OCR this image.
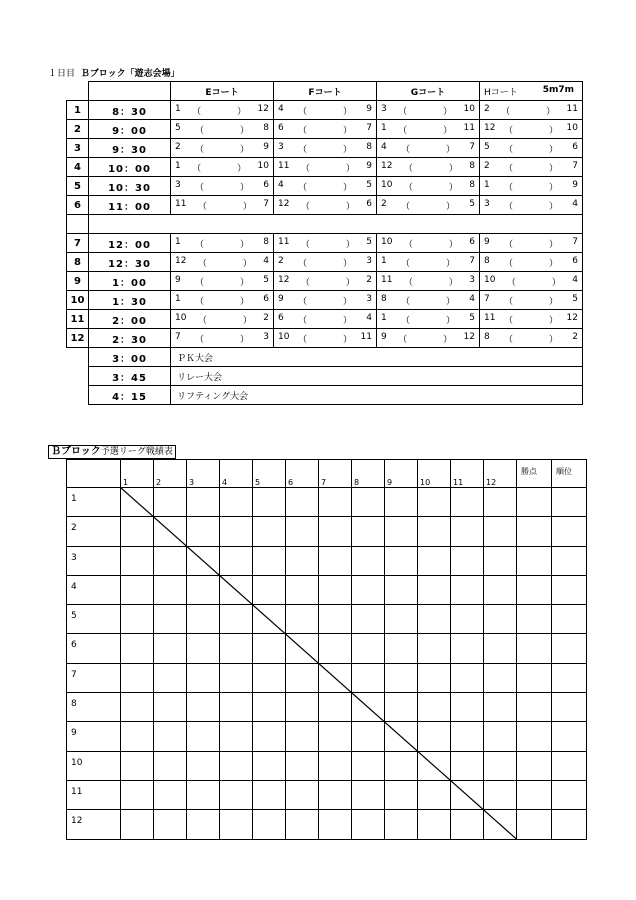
１日目 Ｂブロック「遊志会場」
		Eコート	Fコート	Gコート	Hコート 5m7m

1	8：30	1 （ ） 12	4 （ ） 9	3 （ ） 10	2 （ ） 11

2	9：00	5 （ ） 8	6 （ ） 7	1 （ ） 11	12 （ ） 10

3	9：30	2 （ ） 9	3 （ ） 8	4 （ ） 7	5 （ ） 6

4	10：00	1 （ ） 10	11 （ ） 9	12 （ ） 8	2 （ ） 7

5	10：30	3 （ ） 6	4 （ ） 5	10 （ ） 8	1 （ ） 9

6	11：00	11 （ ） 7	12 （ ） 6	2 （ ） 5	3 （ ） 4

7	12：00	1 （ ） 8	11 （ ） 5	10 （ ） 6	9 （ ） 7

8	12：30	12 （ ） 4	2 （ ） 3	1 （ ） 7	8 （ ） 6

9	1：00	9 （ ） 5	12 （ ） 2	11 （ ） 3	10 （ ） 4

10	1：30	1 （ ） 6	9 （ ） 3	8 （ ） 4	7 （ ） 5

11	2：00	10 （ ） 2	6 （ ） 4	1 （ ） 5	11 （ ） 12

12	2：30	7 （ ） 3	10 （ ） 11	9 （ ） 12	8 （ ） 2

	3：00	ＰＫ大会			
	3：45	リレー大会			
	4：15	リフティング大会			
Ｂブロック予選リーグ戦績表
	1	2	3	4	5	6	7	8	9	10	11	12	勝点	順位
1														
2														
3														
4														
5														
6														
7														
8														
9														
10														
11														
12														
